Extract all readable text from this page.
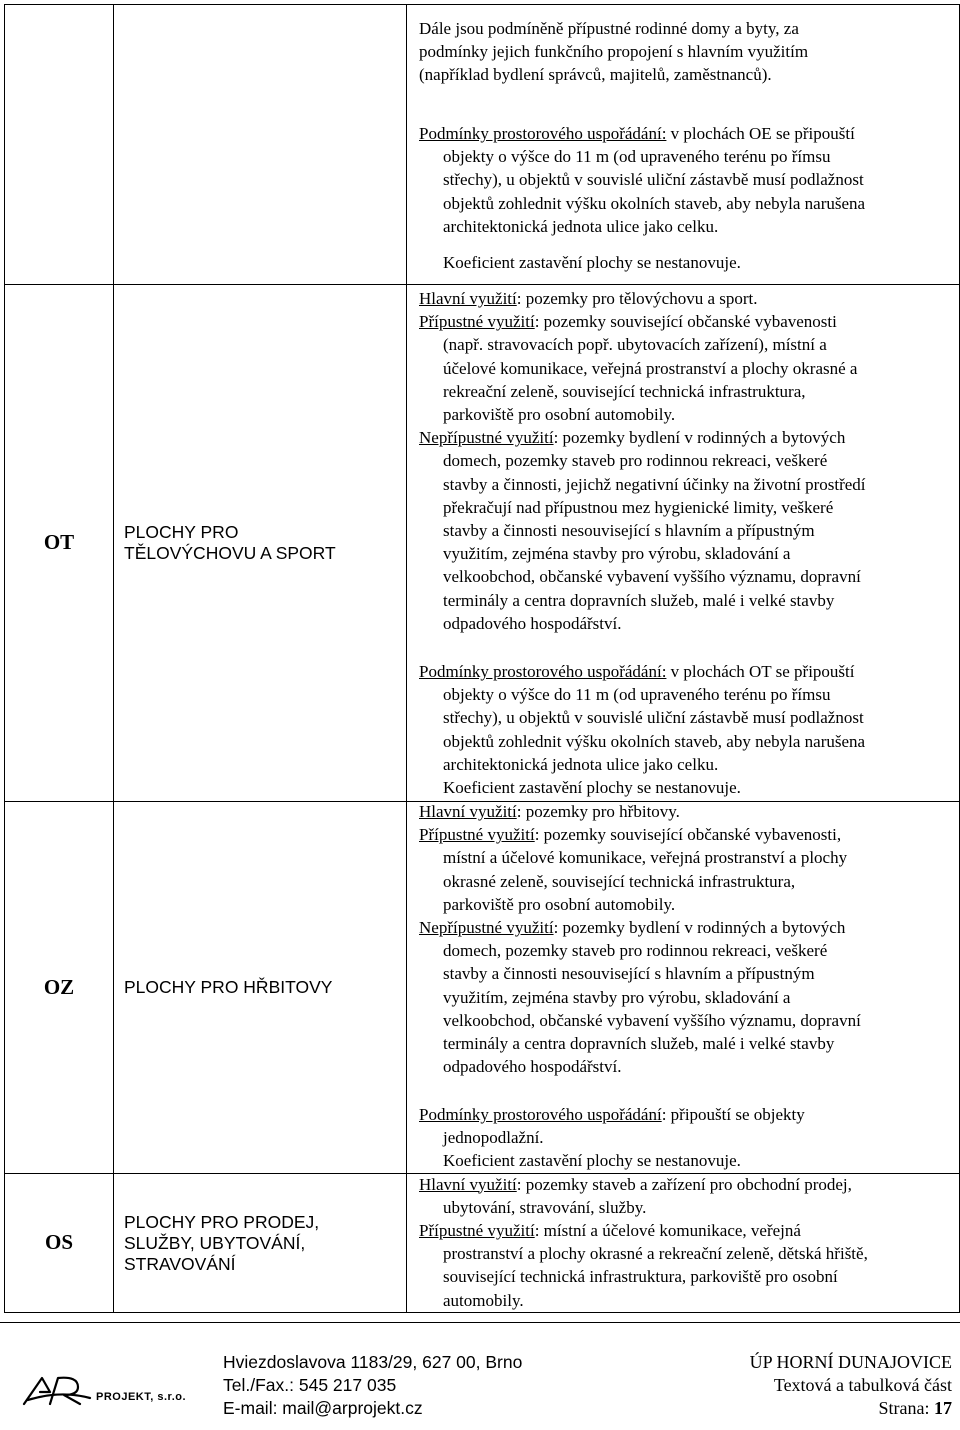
OT	PLOCHY PRO
TĚLOVÝCHOVU A SPORT
OZ	PLOCHY PRO HŘBITOVY
OS
PLOCHY PRO PRODEJ,
SLUŽBY, UBYTOVÁNÍ,
STRAVOVÁNÍ
Dále jsou podmíněně přípustné rodinné domy a byty, za
podmínky jejich funkčního propojení s hlavním využitím
(například bydlení správců, majitelů, zaměstnanců).
Podmínky prostorového uspořádání: v plochách OE se připouští
objekty o výšce do 11 m (od upraveného terénu po římsu
střechy), u objektů v souvislé uliční zástavbě musí podlažnost
objektů zohlednit výšku okolních staveb, aby nebyla narušena
architektonická jednota ulice jako celku.
Koeficient zastavění plochy se nestanovuje.
Hlavní využití: pozemky pro tělovýchovu a sport.
Přípustné využití: pozemky související občanské vybavenosti
(např. stravovacích popř. ubytovacích zařízení), místní a
účelové komunikace, veřejná prostranství a plochy okrasné a
rekreační zeleně, související technická infrastruktura,
parkoviště pro osobní automobily.
Nepřípustné využití: pozemky bydlení v rodinných a bytových
domech, pozemky staveb pro rodinnou rekreaci, veškeré
stavby a činnosti, jejichž negativní účinky na životní prostředí
překračují nad přípustnou mez hygienické limity, veškeré
stavby a činnosti nesouvisející s hlavním a přípustným
využitím, zejména stavby pro výrobu, skladování a
velkoobchod, občanské vybavení vyššího významu, dopravní
terminály a centra dopravních služeb, malé i velké stavby
odpadového hospodářství.
Podmínky prostorového uspořádání: v plochách OT se připouští
objekty o výšce do 11 m (od upraveného terénu po římsu
střechy), u objektů v souvislé uliční zástavbě musí podlažnost
objektů zohlednit výšku okolních staveb, aby nebyla narušena
architektonická jednota ulice jako celku.
Koeficient zastavění plochy se nestanovuje.
Hlavní využití: pozemky pro hřbitovy.
Přípustné využití: pozemky související občanské vybavenosti,
místní a účelové komunikace, veřejná prostranství a plochy
okrasné zeleně, související technická infrastruktura,
parkoviště pro osobní automobily.
Nepřípustné využití: pozemky bydlení v rodinných a bytových
domech, pozemky staveb pro rodinnou rekreaci, veškeré
stavby a činnosti nesouvisející s hlavním a přípustným
využitím, zejména stavby pro výrobu, skladování a
velkoobchod, občanské vybavení vyššího významu, dopravní
terminály a centra dopravních služeb, malé i velké stavby
odpadového hospodářství.
Podmínky prostorového uspořádání: připouští se objekty
jednopodlažní.
Koeficient zastavění plochy se nestanovuje.
Hlavní využití: pozemky staveb a zařízení pro obchodní prodej,
ubytování, stravování, služby.
Přípustné využití: místní a účelové komunikace, veřejná
prostranství a plochy okrasné a rekreační zeleně, dětská hřiště,
související technická infrastruktura, parkoviště pro osobní
automobily.
PROJEKT, s.r.o.
Hviezdoslavova 1183/29, 627 00, Brno
Tel./Fax.: 545 217 035
E-mail: mail@arprojekt.cz
ÚP HORNÍ DUNAJOVICE
Textová a tabulková část
Strana: 17
